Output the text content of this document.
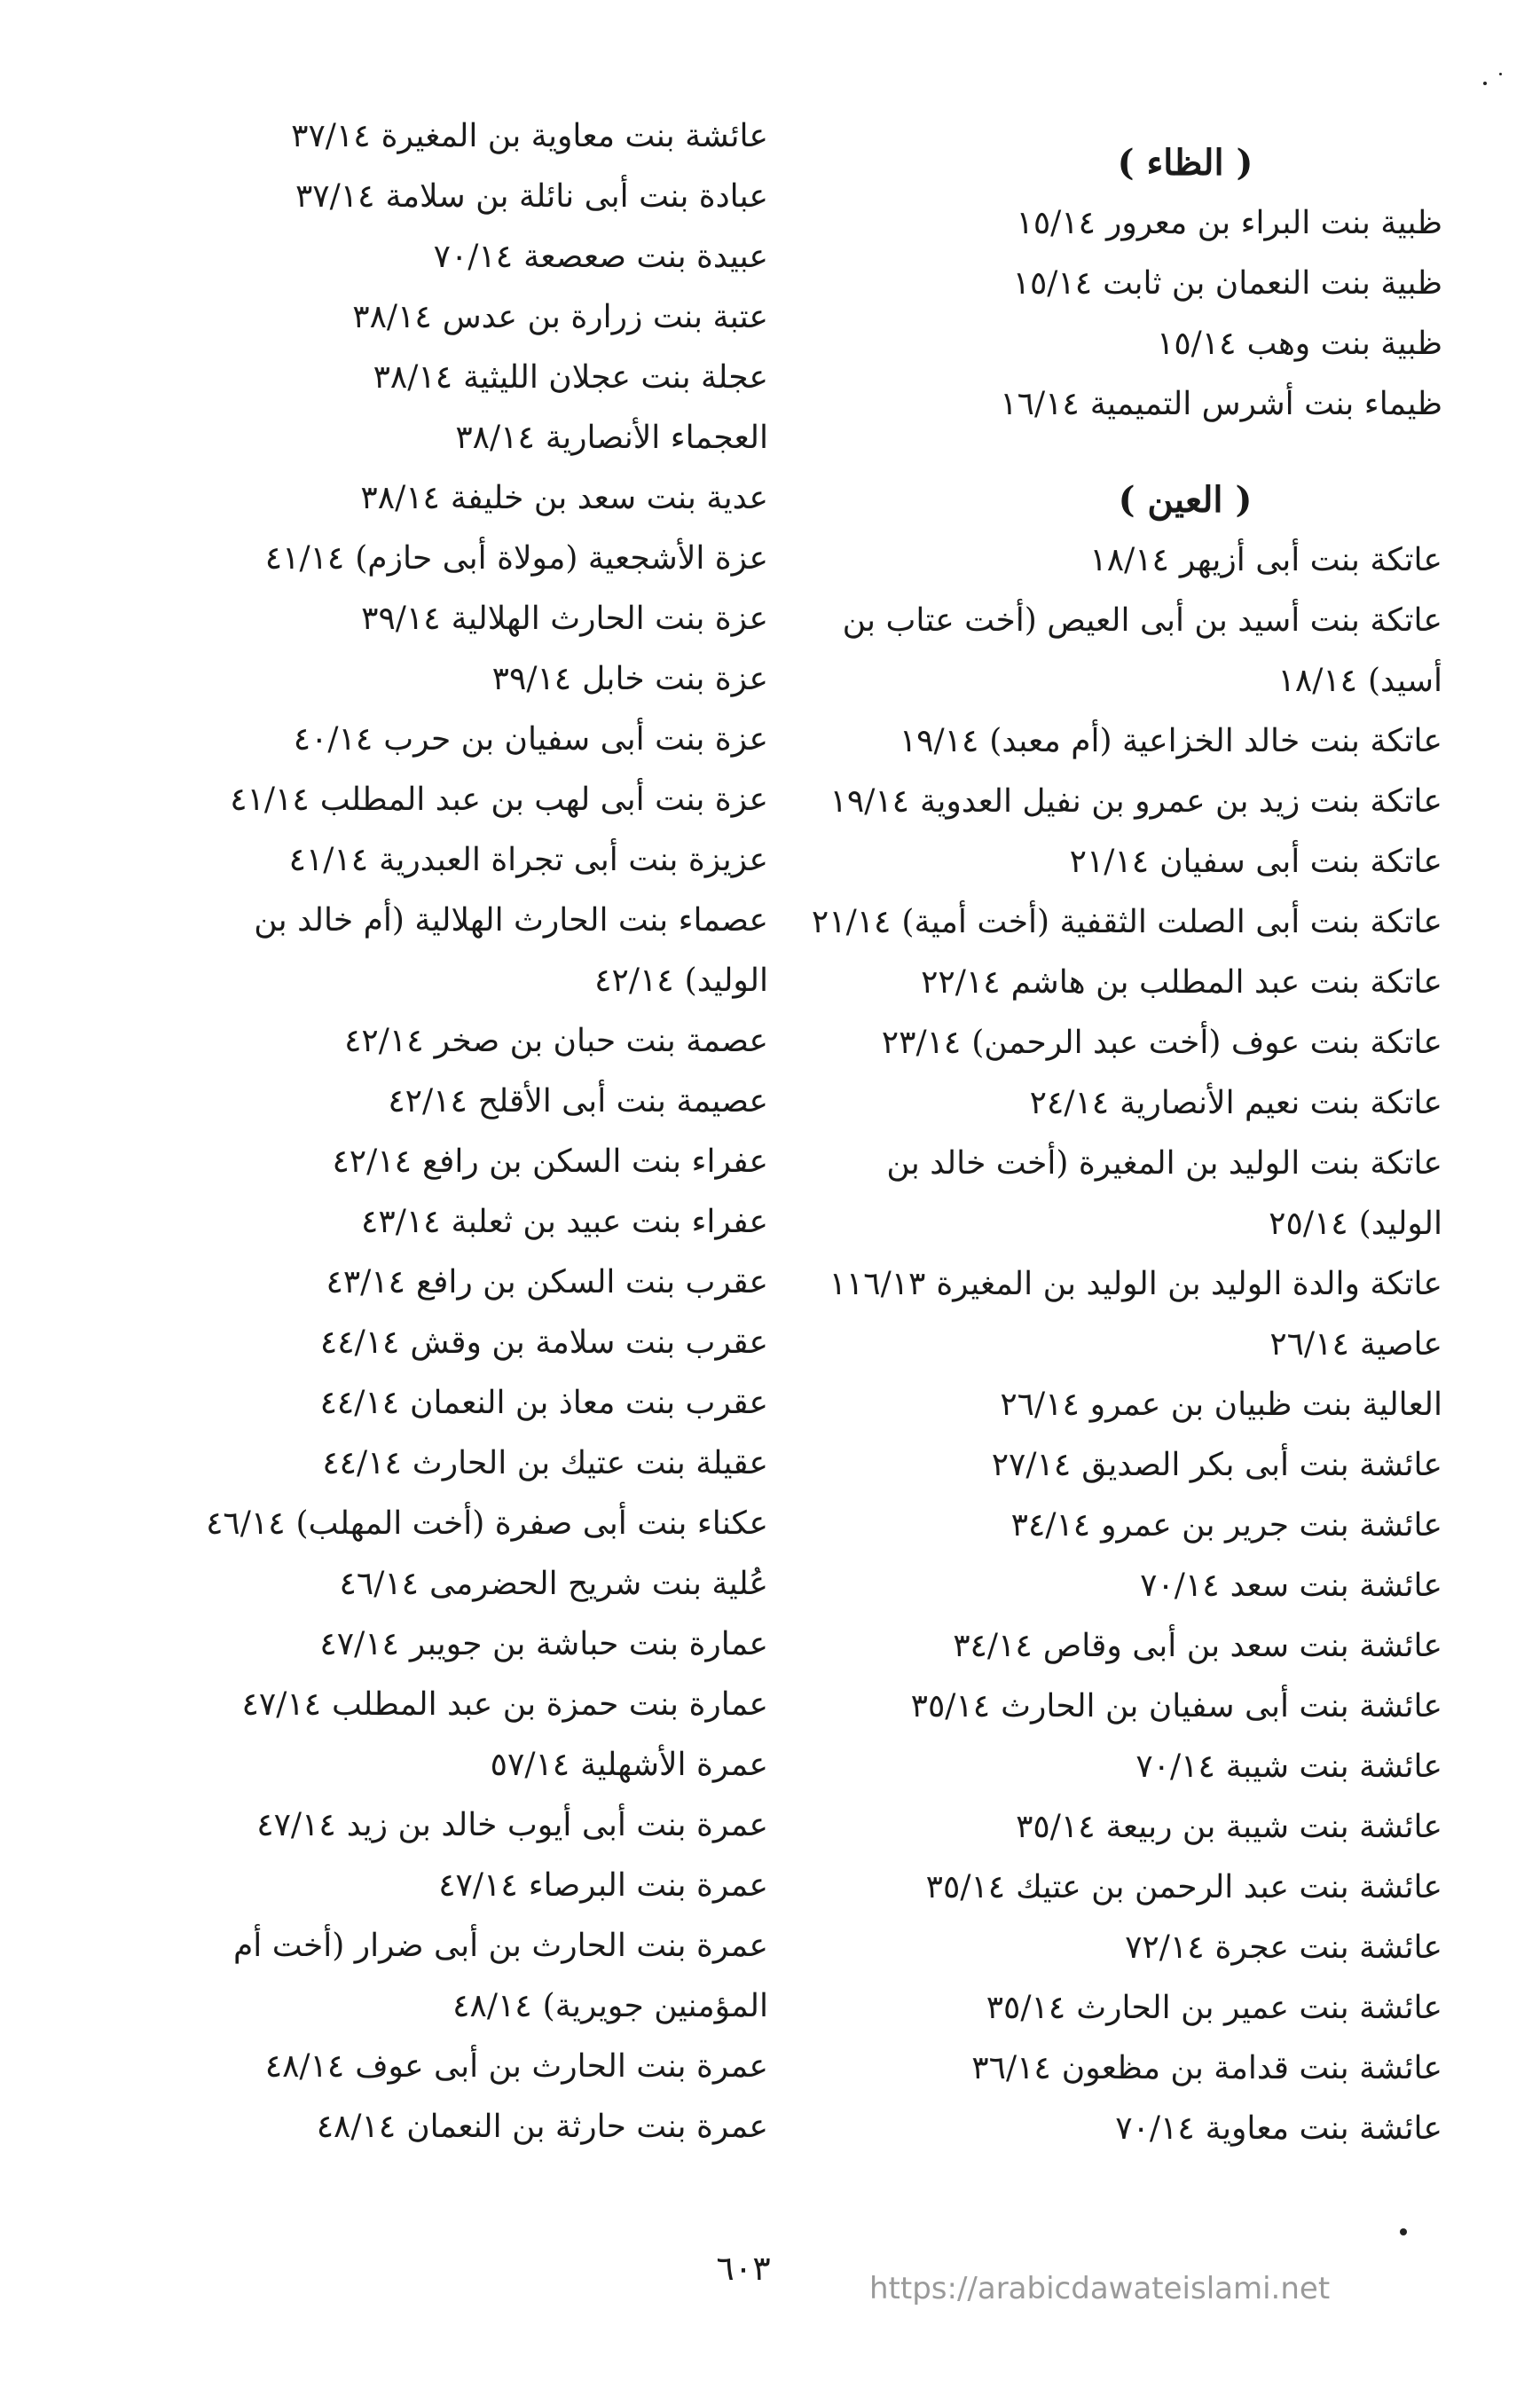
( الظاء )

ظبية بنت البراء بن معرور١٥/١٤

ظبية بنت النعمان بن ثابت١٥/١٤

ظبية بنت وهب١٥/١٤

ظيماء بنت أشرس التميمية١٦/١٤

( العين )

عاتكة بنت أبى أزيهر١٨/١٤

عاتكة بنت أسيد بن أبى العيص (أخت عتاب بن أسيد)١٨/١٤

عاتكة بنت خالد الخزاعية (أم معبد)١٩/١٤

عاتكة بنت زيد بن عمرو بن نفيل العدوية١٩/١٤

عاتكة بنت أبى سفيان٢١/١٤

عاتكة بنت أبى الصلت الثقفية (أخت أمية)٢١/١٤

عاتكة بنت عبد المطلب بن هاشم٢٢/١٤

عاتكة بنت عوف (أخت عبد الرحمن)٢٣/١٤

عاتكة بنت نعيم الأنصارية٢٤/١٤

عاتكة بنت الوليد بن المغيرة (أخت خالد بن الوليد)٢٥/١٤

عاتكة والدة الوليد بن الوليد بن المغيرة١١٦/١٣

عاصية٢٦/١٤

العالية بنت ظبيان بن عمرو٢٦/١٤

عائشة بنت أبى بكر الصديق٢٧/١٤

عائشة بنت جرير بن عمرو٣٤/١٤

عائشة بنت سعد٧٠/١٤

عائشة بنت سعد بن أبى وقاص٣٤/١٤

عائشة بنت أبى سفيان بن الحارث٣٥/١٤

عائشة بنت شيبة٧٠/١٤

عائشة بنت شيبة بن ربيعة٣٥/١٤

عائشة بنت عبد الرحمن بن عتيك٣٥/١٤

عائشة بنت عجرة٧٢/١٤

عائشة بنت عمير بن الحارث٣٥/١٤

عائشة بنت قدامة بن مظعون٣٦/١٤

عائشة بنت معاوية٧٠/١٤

عائشة بنت معاوية بن المغيرة٣٧/١٤

عبادة بنت أبى نائلة بن سلامة٣٧/١٤

عبيدة بنت صعصعة٧٠/١٤

عتبة بنت زرارة بن عدس٣٨/١٤

عجلة بنت عجلان الليثية٣٨/١٤

العجماء الأنصارية٣٨/١٤

عدية بنت سعد بن خليفة٣٨/١٤

عزة الأشجعية (مولاة أبى حازم)٤١/١٤

عزة بنت الحارث الهلالية٣٩/١٤

عزة بنت خابل٣٩/١٤

عزة بنت أبى سفيان بن حرب٤٠/١٤

عزة بنت أبى لهب بن عبد المطلب٤١/١٤

عزيزة بنت أبى تجراة العبدرية٤١/١٤

عصماء بنت الحارث الهلالية (أم خالد بن الوليد)٤٢/١٤

عصمة بنت حبان بن صخر٤٢/١٤

عصيمة بنت أبى الأقلح٤٢/١٤

عفراء بنت السكن بن رافع٤٢/١٤

عفراء بنت عبيد بن ثعلبة٤٣/١٤

عقرب بنت السكن بن رافع٤٣/١٤

عقرب بنت سلامة بن وقش٤٤/١٤

عقرب بنت معاذ بن النعمان٤٤/١٤

عقيلة بنت عتيك بن الحارث٤٤/١٤

عكناء بنت أبى صفرة (أخت المهلب)٤٦/١٤

عُلية بنت شريح الحضرمى٤٦/١٤

عمارة بنت حباشة بن جويبر٤٧/١٤

عمارة بنت حمزة بن عبد المطلب٤٧/١٤

عمرة الأشهلية٥٧/١٤

عمرة بنت أبى أيوب خالد بن زيد٤٧/١٤

عمرة بنت البرصاء٤٧/١٤

عمرة بنت الحارث بن أبى ضرار (أخت أم المؤمنين جويرية)٤٨/١٤

عمرة بنت الحارث بن أبى عوف٤٨/١٤

عمرة بنت حارثة بن النعمان٤٨/١٤

٦٠٣
https://arabicdawateislami.net
